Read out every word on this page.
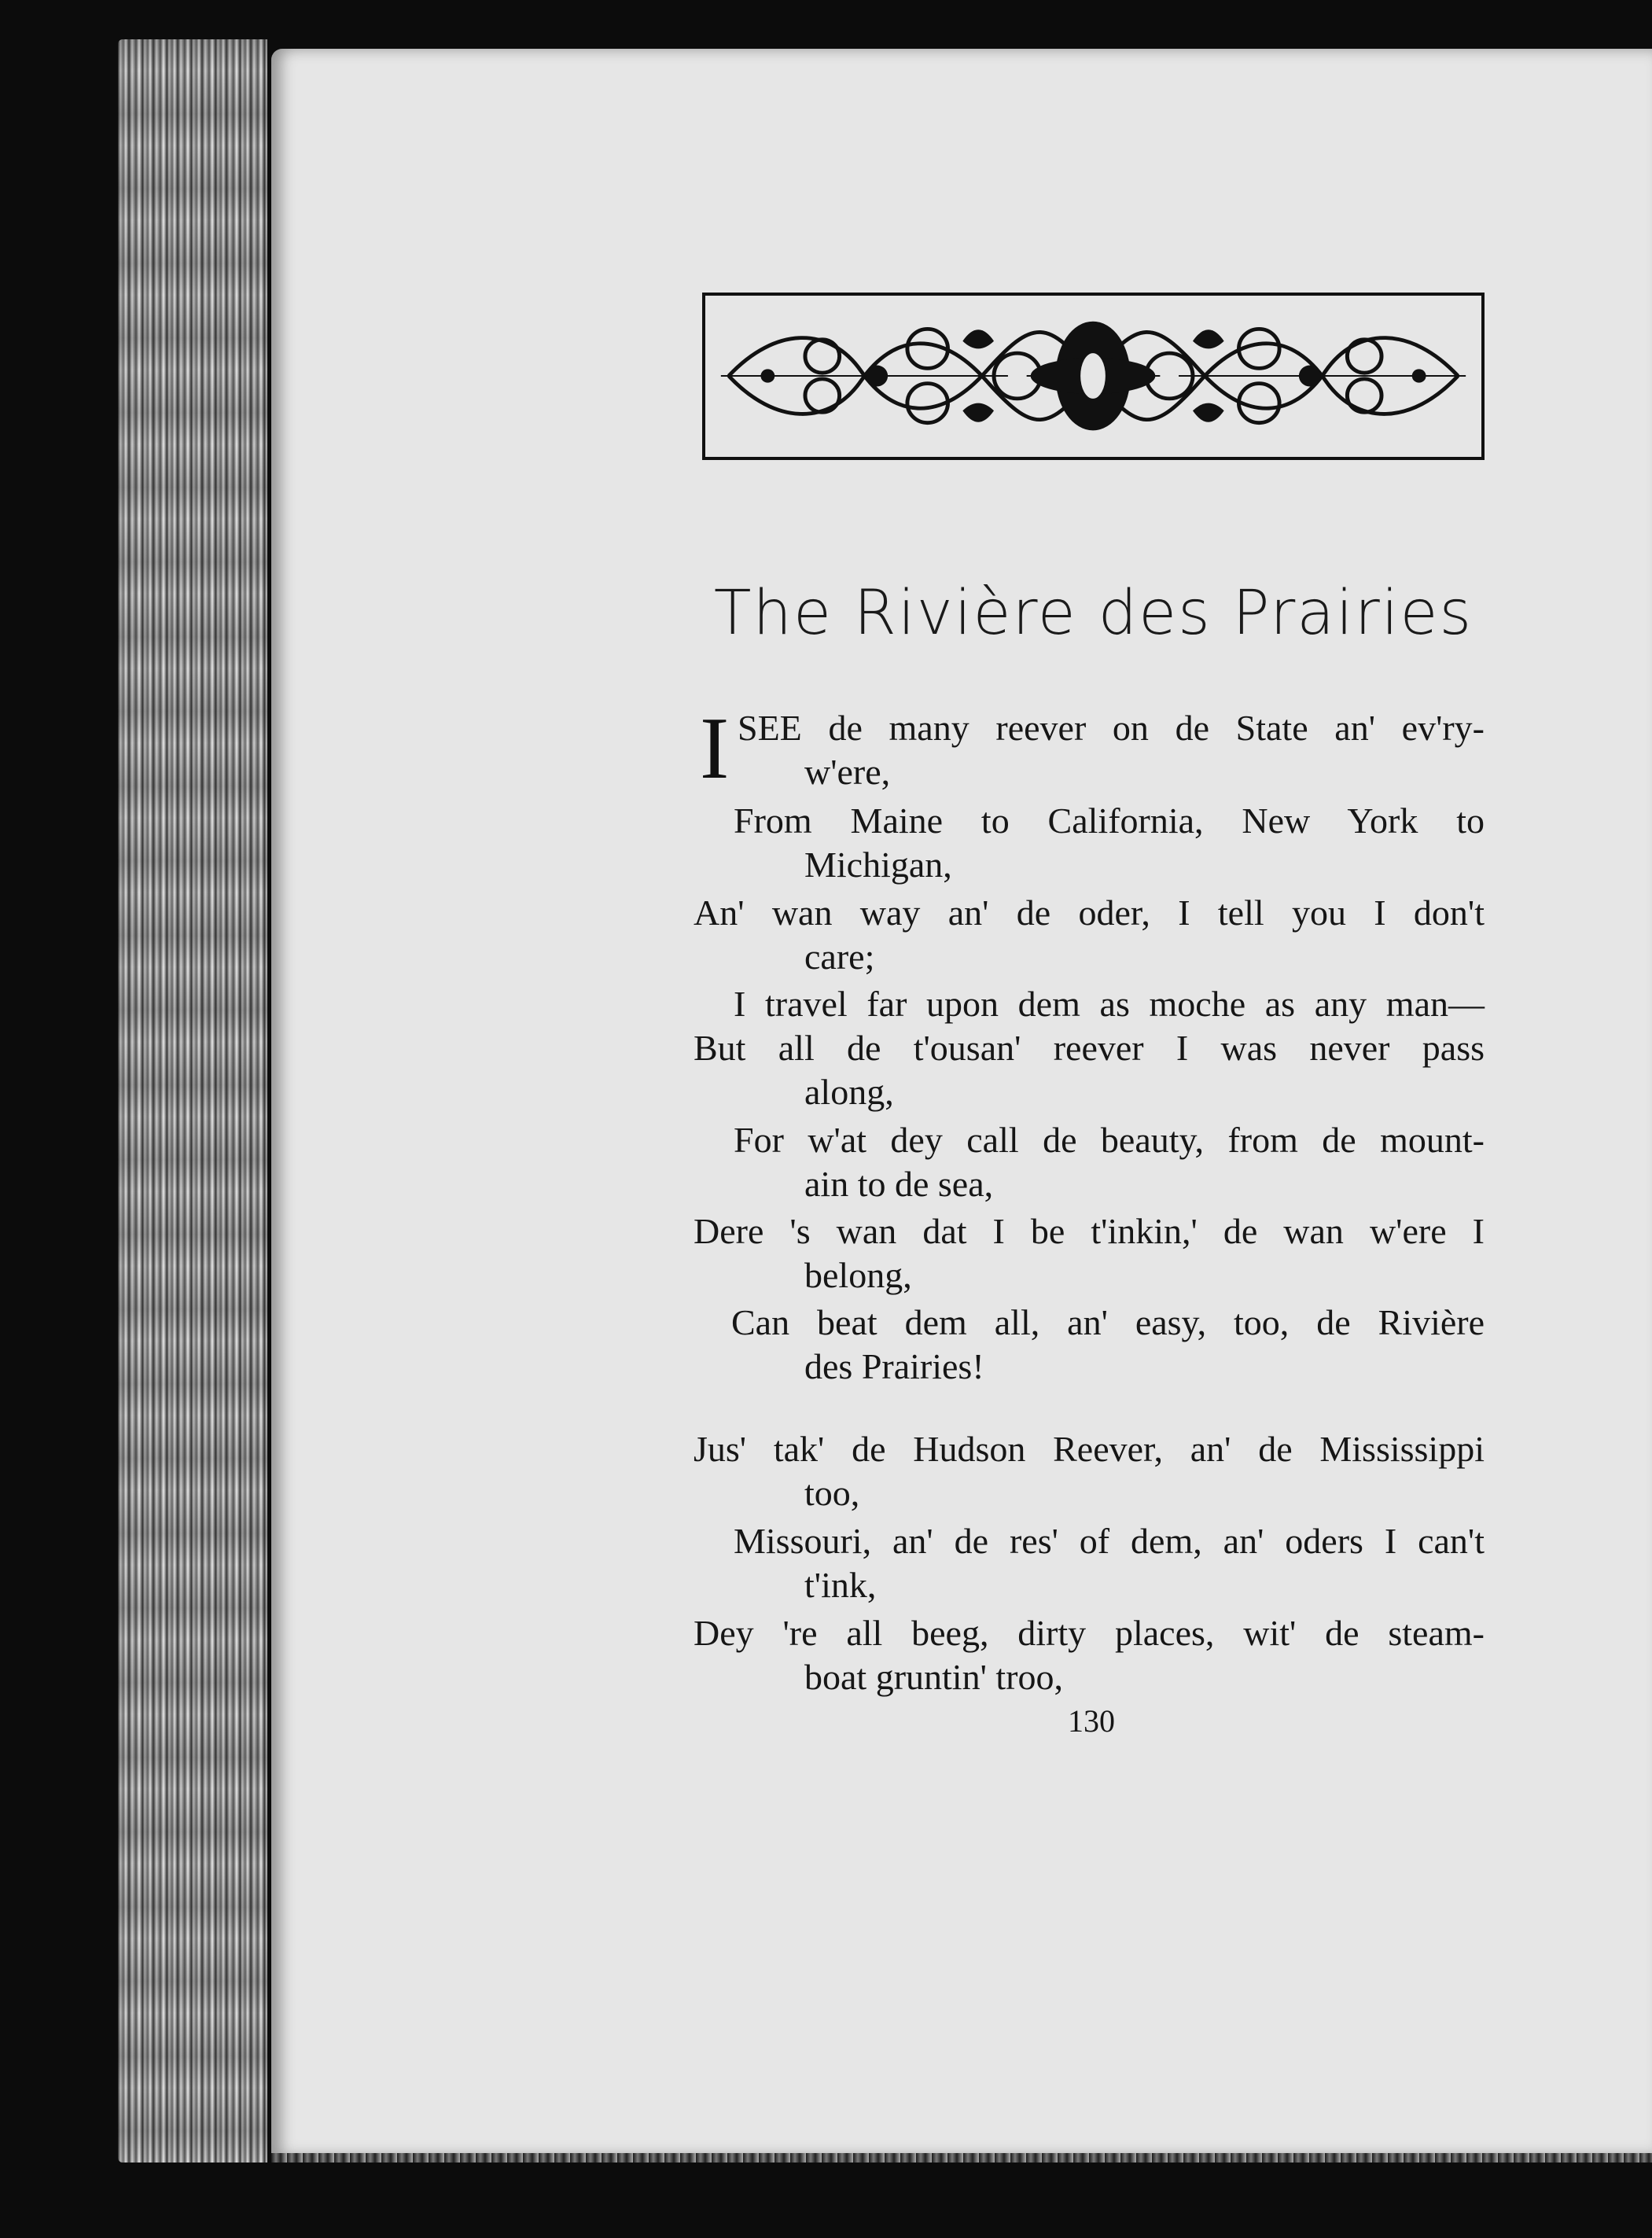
The Rivière des Prairies
I SEE de many reever on de State an' ev'ry-
w'ere,
From Maine to California, New York to
Michigan,
An' wan way an' de oder, I tell you I don't
care;
I travel far upon dem as moche as any man—
But all de t'ousan' reever I was never pass
along,
For w'at dey call de beauty, from de mount-
ain to de sea,
Dere 's wan dat I be t'inkin,' de wan w'ere I
belong,
Can beat dem all, an' easy, too, de Rivière
des Prairies!
Jus' tak' de Hudson Reever, an' de Mississippi
too,
Missouri, an' de res' of dem, an' oders I can't
t'ink,
Dey 're all beeg, dirty places, wit' de steam-
boat gruntin' troo,
130
